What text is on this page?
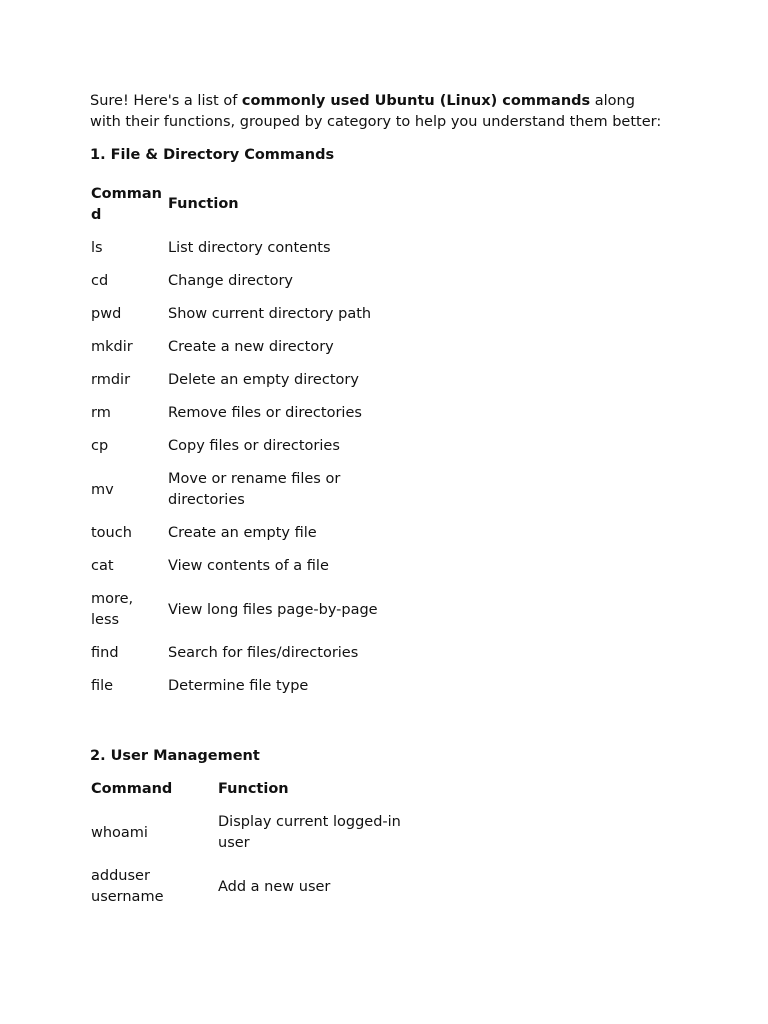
Sure! Here's a list of commonly used Ubuntu (Linux) commands along with their functions, grouped by category to help you understand them better:

1. File & Directory Commands

Command	Function

ls	List directory contents

cd	Change directory

pwd	Show current directory path

mkdir	Create a new directory

rmdir	Delete an empty directory

rm	Remove files or directories

cp	Copy files or directories

mv	Move or rename files or directories

touch	Create an empty file

cat	View contents of a file

more, less	View long files page-by-page

find	Search for files/directories

file	Determine file type

2. User Management

Command	Function

whoami	Display current logged-in user

adduser username	Add a new user
